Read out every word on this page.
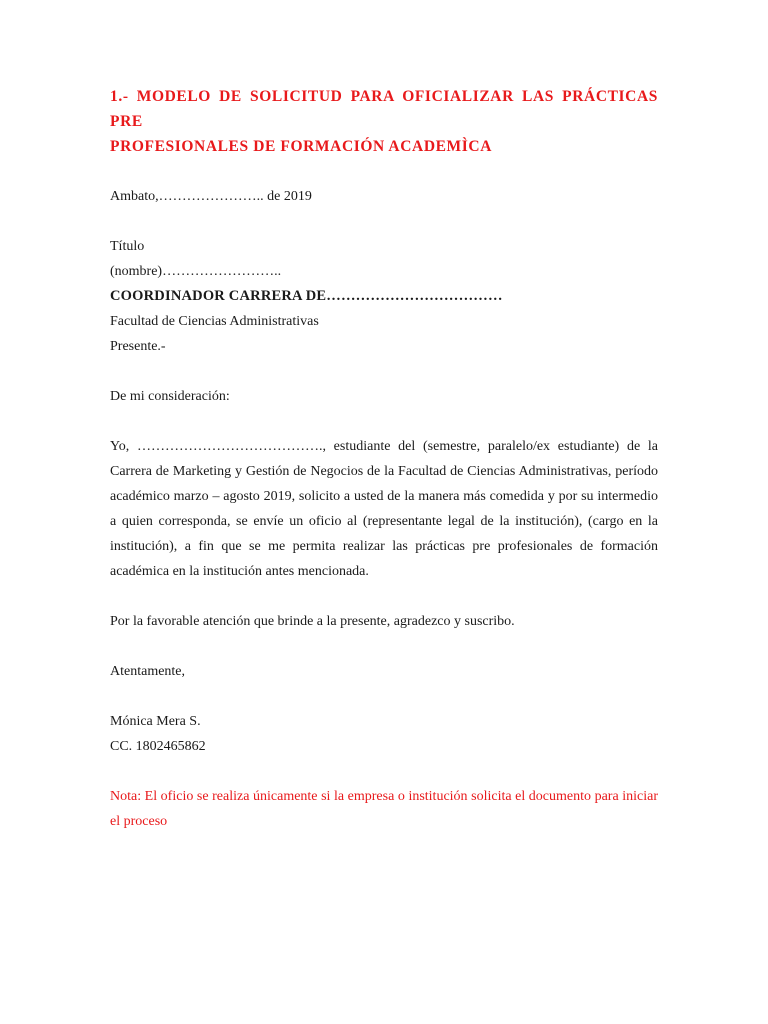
1.- MODELO DE SOLICITUD PARA OFICIALIZAR LAS PRÁCTICAS PRE
PROFESIONALES DE FORMACIÓN ACADEMÌCA

Ambato,………………….. de 2019

Título

(nombre)……………………..

COORDINADOR CARRERA DE………………………………

Facultad de Ciencias Administrativas

Presente.-

De mi consideración:

Yo, …………………………………., estudiante del (semestre, paralelo/ex estudiante) de la Carrera de Marketing y Gestión de Negocios de la Facultad de Ciencias Administrativas, período académico marzo – agosto 2019, solicito a usted de la manera más comedida y por su intermedio a quien corresponda, se envíe un oficio al (representante legal de la institución), (cargo en la institución), a fin que se me permita realizar las prácticas pre profesionales de formación académica en la institución antes mencionada.

Por la favorable atención que brinde a la presente, agradezco y suscribo.

Atentamente,

Mónica Mera S.

CC. 1802465862

Nota: El oficio se realiza únicamente si la empresa o institución solicita el documento para iniciar el proceso
